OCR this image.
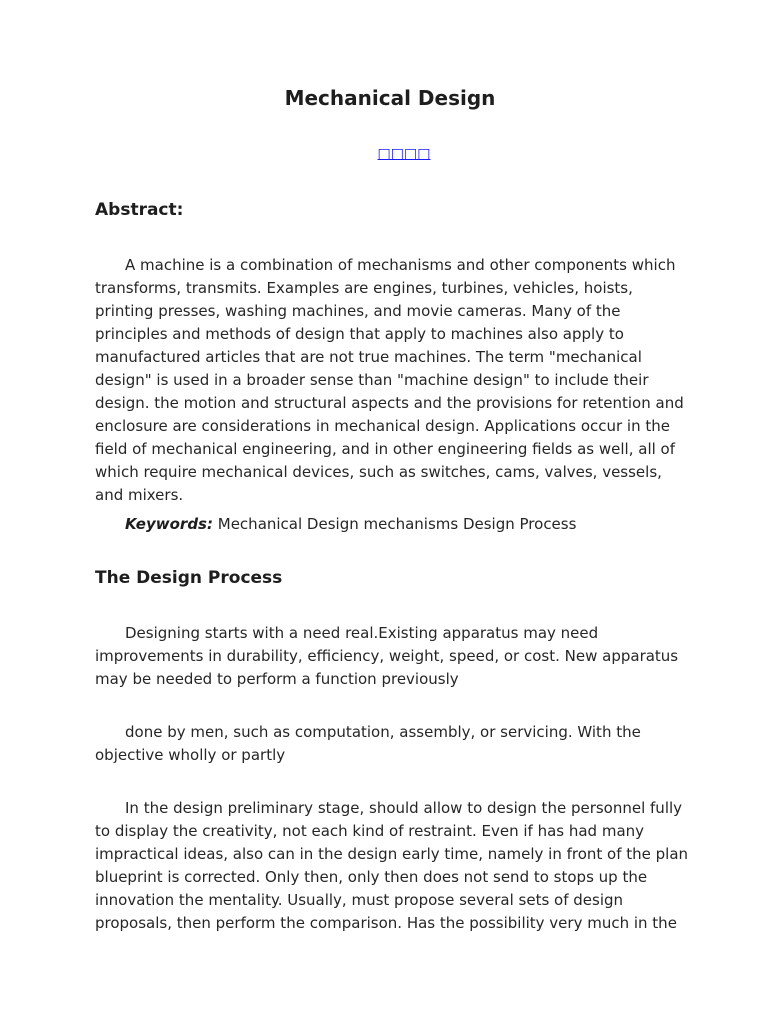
Mechanical Design
□□□□
Abstract:

A machine is a combination of mechanisms and other components which transforms, transmits. Examples are engines, turbines, vehicles, hoists, printing presses, washing machines, and movie cameras. Many of the principles and methods of design that apply to machines also apply to manufactured articles that are not true machines. The term "mechanical design" is used in a broader sense than "machine design" to include their design. the motion and structural aspects and the provisions for retention and enclosure are considerations in mechanical design. Applications occur in the field of mechanical engineering, and in other engineering fields as well, all of which require mechanical devices, such as switches, cams, valves, vessels, and mixers.

Keywords: Mechanical Design mechanisms Design Process

The Design Process

Designing starts with a need real.Existing apparatus may need improvements in durability, efficiency, weight, speed, or cost. New apparatus may be needed to perform a function previously

done by men, such as computation, assembly, or servicing. With the objective wholly or partly

In the design preliminary stage, should allow to design the personnel fully to display the creativity, not each kind of restraint. Even if has had many impractical ideas, also can in the design early time, namely in front of the plan blueprint is corrected. Only then, only then does not send to stops up the innovation the mentality. Usually, must propose several sets of design proposals, then perform the comparison. Has the possibility very much in the
